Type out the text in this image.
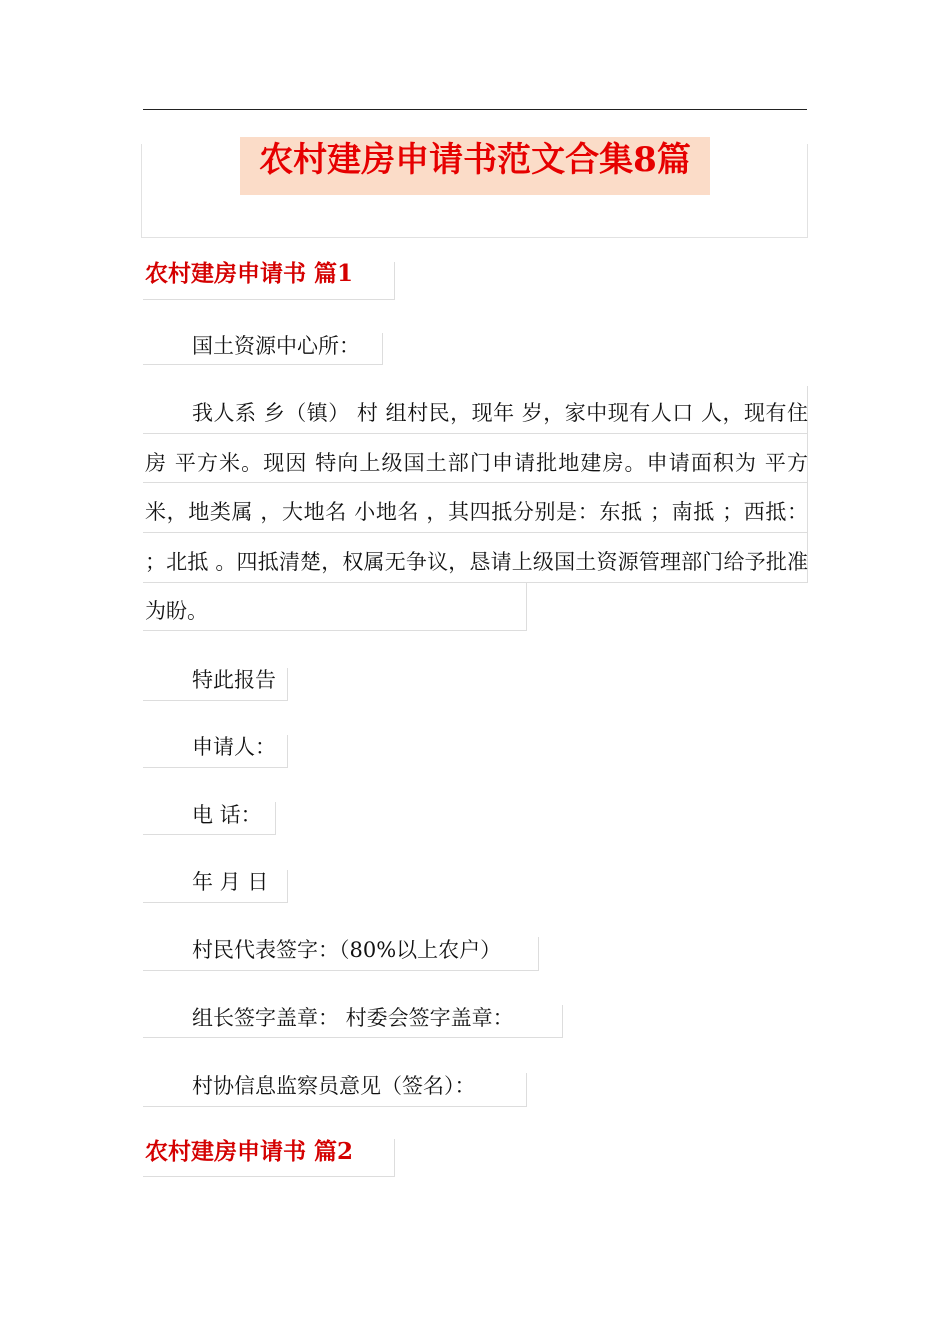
农村建房申请书范文合集8篇
农村建房申请书 篇1
国土资源中心所：
我人系 乡（镇） 村 组村民，现年 岁，家中现有人口 人，现有住房 平方米。现因 特向上级国土部门申请批地建房。申请面积为 平方米，地类属 ，大地名 小地名 ，其四抵分别是：东抵 ；南抵 ；西抵： ；北抵 。四抵清楚，权属无争议，恳请上级国土资源管理部门给予批准为盼。
特此报告
申请人：
电 话：
年 月 日
村民代表签字：（80%以上农户）
组长签字盖章： 村委会签字盖章：
村协信息监察员意见（签名）：
农村建房申请书 篇2
